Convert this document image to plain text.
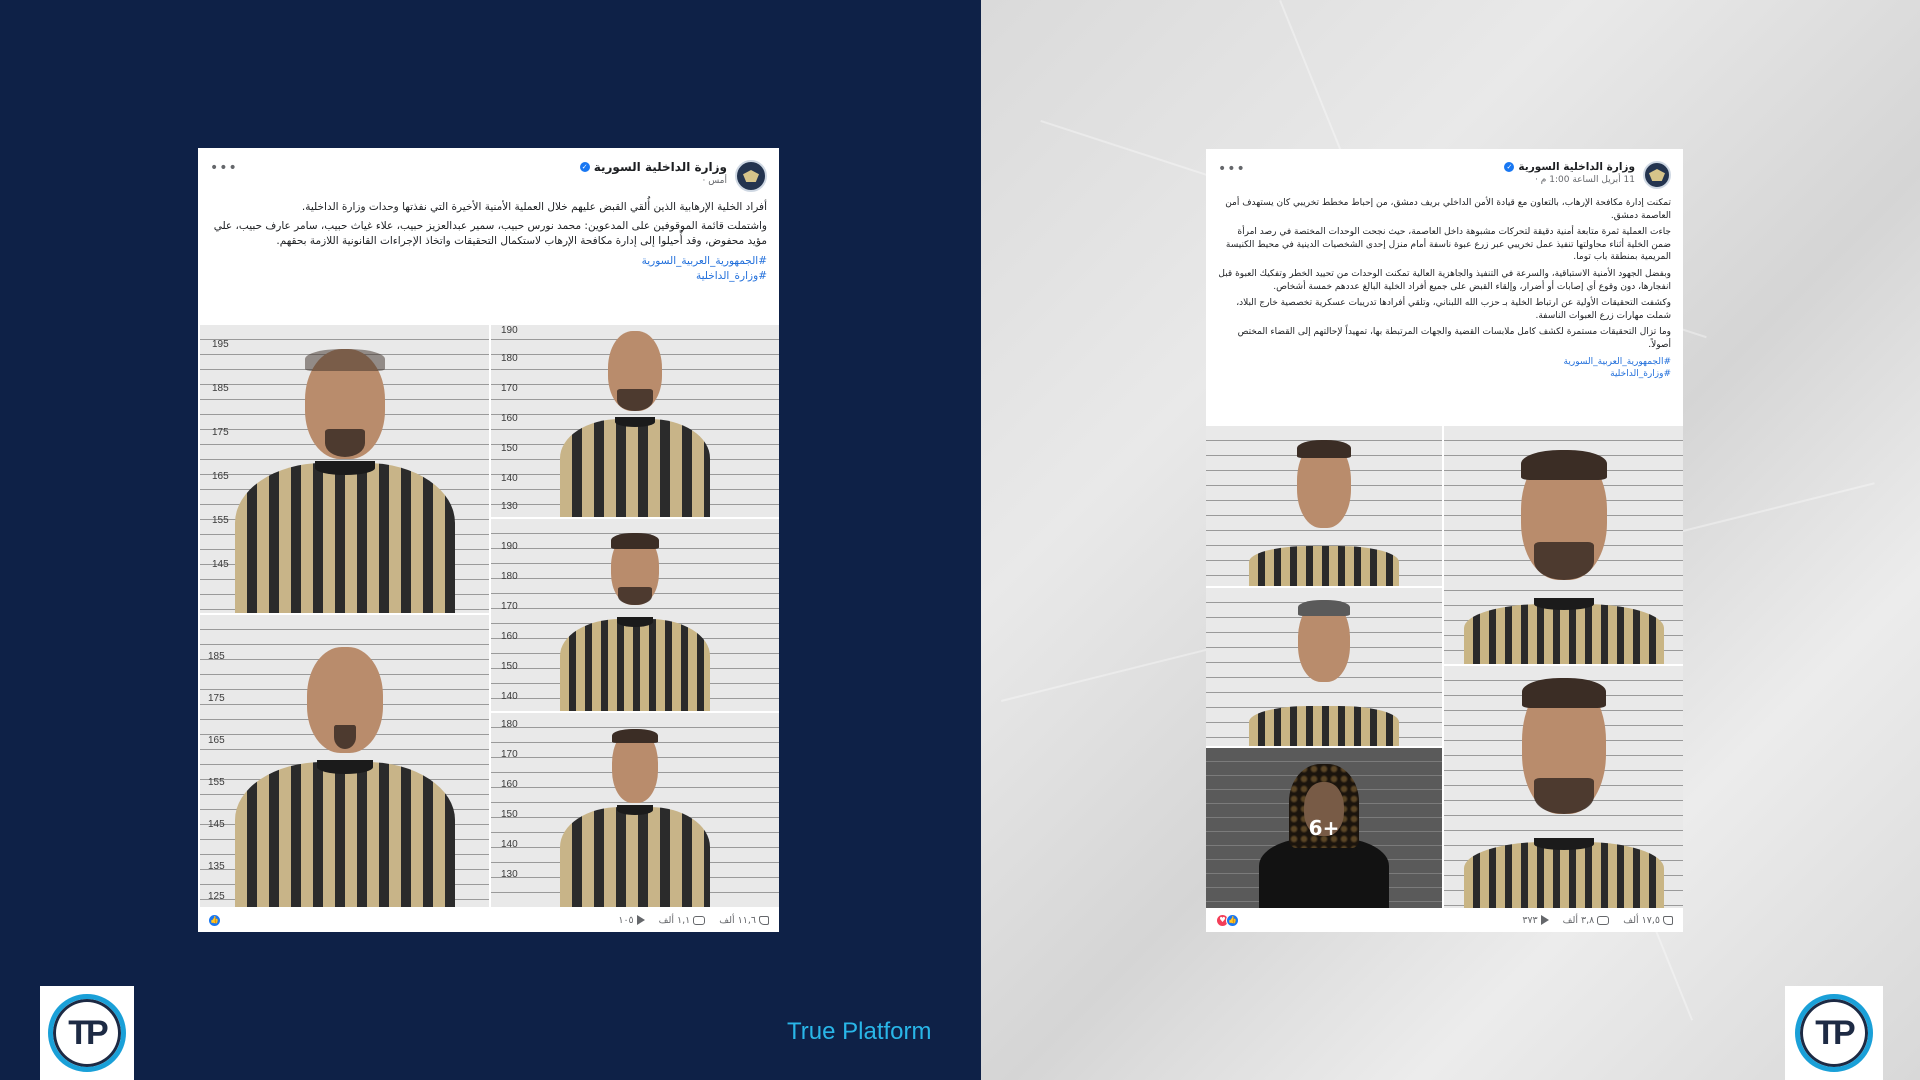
وزارة الداخلية السورية
✓
أمس ·
•••

أفراد الخلية الإرهابية الذين أُلقي القبض عليهم خلال العملية الأمنية الأخيرة التي نفذتها وحدات وزارة الداخلية.

واشتملت قائمة الموقوفين على المدعوين: محمد نورس حبيب، سمير عبدالعزيز حبيب، علاء غياث حبيب، سامر عارف حبيب، علي مؤيد محفوض، وقد أُحيلوا إلى إدارة مكافحة الإرهاب لاستكمال التحقيقات واتخاذ الإجراءات القانونية اللازمة بحقهم.

#الجمهورية_العربية_السورية
#وزارة_الداخلية
195
185
175
165
155
145
185
175
165
155
145
135
125
190
180
170
160
150
140
130
190
180
170
160
150
140
180
170
160
150
140
130
١١,٦ ألف
١,١ ألف
١٠٥
👍
وزارة الداخلية السورية
✓
11 أبريل الساعة 1:00 م ·
•••

تمكنت إدارة مكافحة الإرهاب، بالتعاون مع قيادة الأمن الداخلي بريف دمشق، من إحباط مخطط تخريبي كان يستهدف أمن العاصمة دمشق.

جاءت العملية ثمرة متابعة أمنية دقيقة لتحركات مشبوهة داخل العاصمة، حيث نجحت الوحدات المختصة في رصد امرأة ضمن الخلية أثناء محاولتها تنفيذ عمل تخريبي عبر زرع عبوة ناسفة أمام منزل إحدى الشخصيات الدينية في محيط الكنيسة المريمية بمنطقة باب توما.

وبفضل الجهود الأمنية الاستباقية، والسرعة في التنفيذ والجاهزية العالية تمكنت الوحدات من تحييد الخطر وتفكيك العبوة قبل انفجارها، دون وقوع أي إصابات أو أضرار، وإلقاء القبض على جميع أفراد الخلية البالغ عددهم خمسة أشخاص.

وكشفت التحقيقات الأولية عن ارتباط الخلية بـ حزب الله اللبناني، وتلقي أفرادها تدريبات عسكرية تخصصية خارج البلاد، شملت مهارات زرع العبوات الناسفة.

وما تزال التحقيقات مستمرة لكشف كامل ملابسات القضية والجهات المرتبطة بها، تمهيداً لإحالتهم إلى القضاء المختص أصولاً.

#الجمهورية_العربية_السورية
#وزارة_الداخلية
6+
١٧,٥ ألف
٣,٨ ألف
٣٧٣
♥ 👍
TP	True Platform	TP
